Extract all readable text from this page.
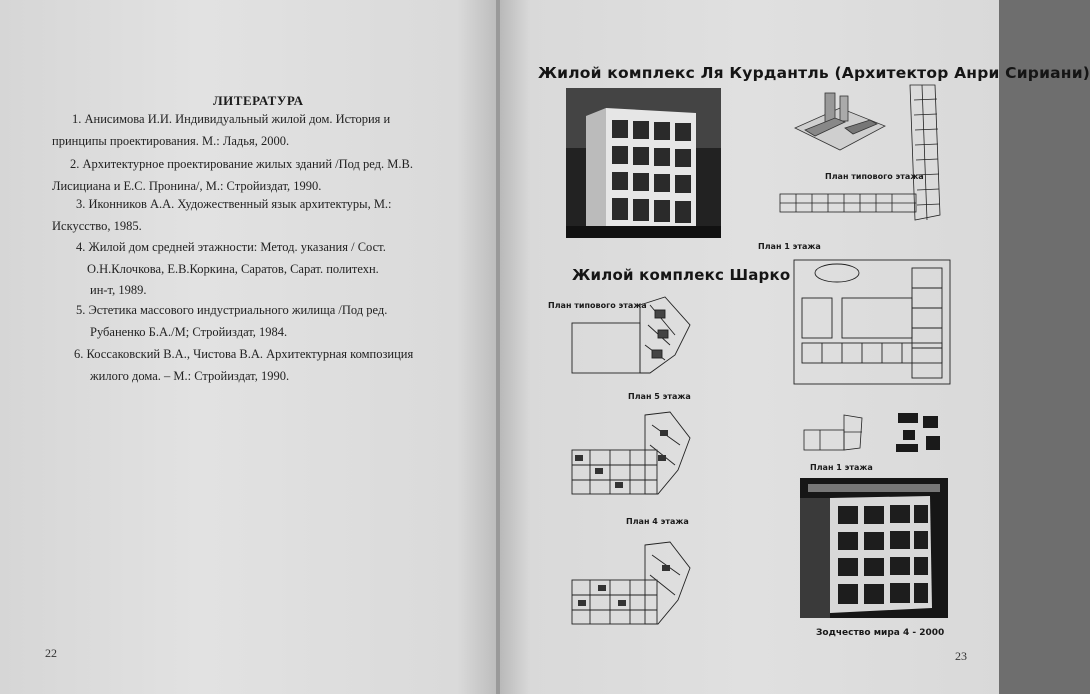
ЛИТЕРАТУРА
1. Анисимова И.И. Индивидуальный жилой дом. История и
принципы проектирования. М.: Ладья, 2000.
2. Архитектурное проектирование жилых зданий /Под ред. М.В.
Лисициана и Е.С. Пронина/, М.: Стройиздат, 1990.
3. Иконников А.А. Художественный язык архитектуры, М.:
Искусство, 1985.
4. Жилой дом средней этажности: Метод. указания / Сост.
О.Н.Клочкова, Е.В.Коркина, Саратов, Сарат. политехн.
ин-т, 1989.
5. Эстетика массового индустриального жилища /Под ред.
Рубаненко Б.А./М; Стройиздат, 1984.
6. Коссаковский В.А., Чистова В.А. Архитектурная композиция
жилого дома. – М.: Стройиздат, 1990.
22
Жилой комплекс Ля Курдантль (Архитектор Анри Сириани)
План типового этажа
План 1 этажа
Жилой комплекс Шарко
План типового этажа
План 5 этажа
План 4 этажа
План 1 этажа
Зодчество мира 4 - 2000
23
